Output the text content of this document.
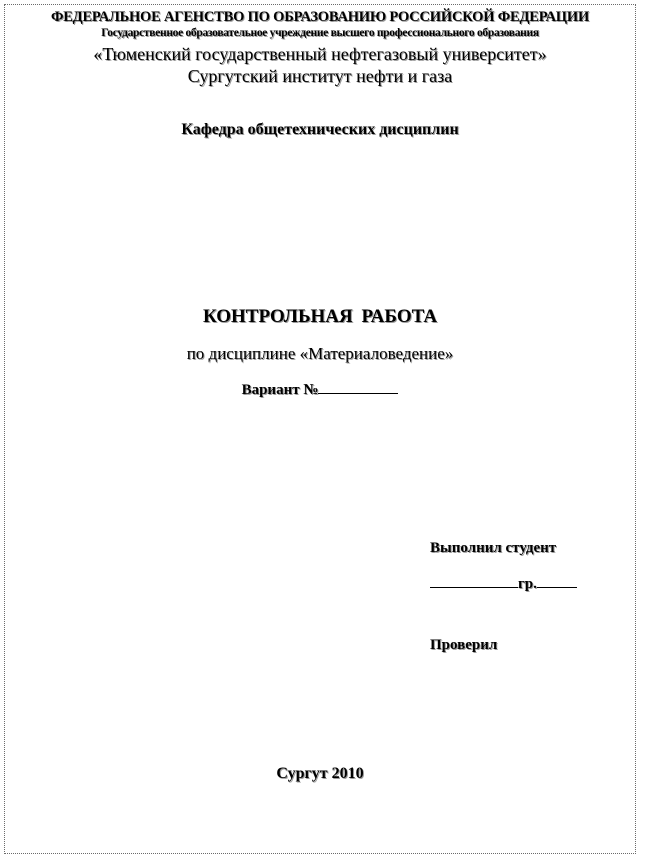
ФЕДЕРАЛЬНОЕ АГЕНСТВО ПО ОБРАЗОВАНИЮ РОССИЙСКОЙ ФЕДЕРАЦИИ
Государственное образовательное учреждение высшего профессионального образования
«Тюменский государственный нефтегазовый университет»
Сургутский институт нефти и газа
Кафедра общетехнических дисциплин
КОНТРОЛЬНАЯ РАБОТА
по дисциплине «Материаловедение»
Вариант №
Выполнил студент
гр.
Проверил
Сургут 2010
